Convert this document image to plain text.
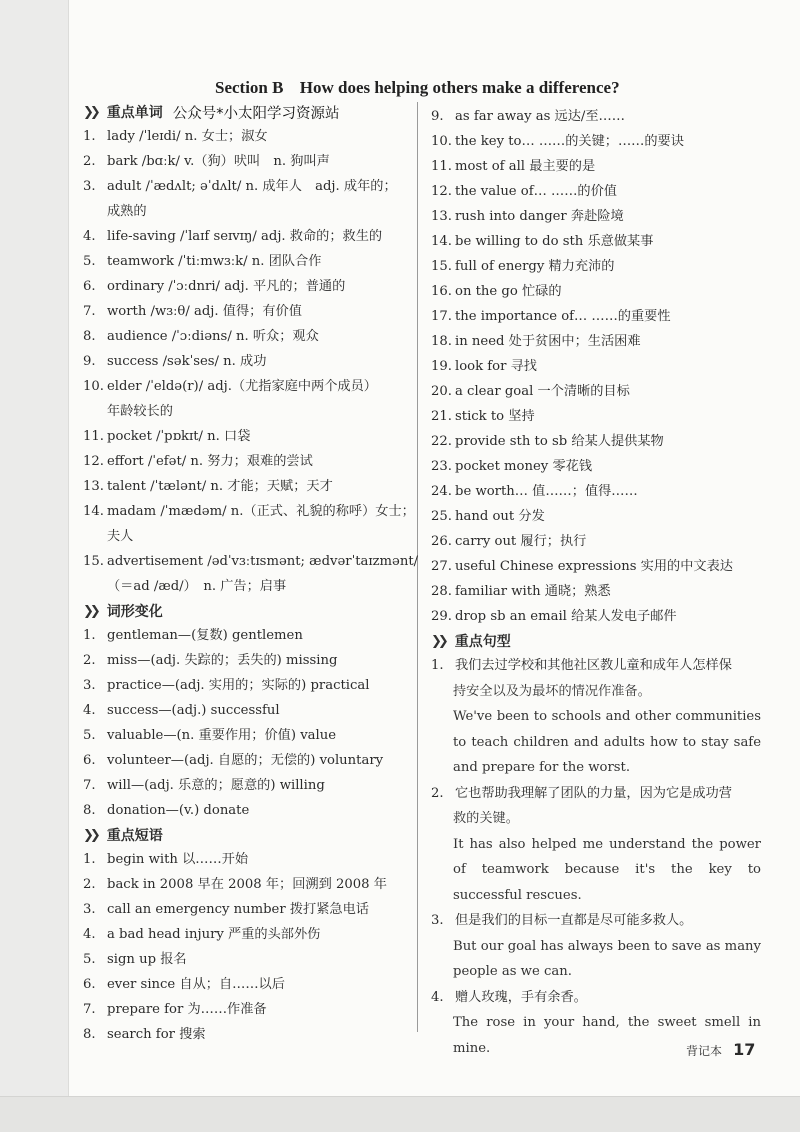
Section B How does helping others make a difference?
❯❯ 重点单词 公众号*小太阳学习资源站
1. lady /ˈleɪdi/ n. 女士；淑女
2. bark /bɑːk/ v.（狗）吠叫　n. 狗叫声
3. adult /ˈædʌlt; əˈdʌlt/ n. 成年人　adj. 成年的；
成熟的
4. life-saving /ˈlaɪf seɪvɪŋ/ adj. 救命的；救生的
5. teamwork /ˈtiːmwɜːk/ n. 团队合作
6. ordinary /ˈɔːdnri/ adj. 平凡的；普通的
7. worth /wɜːθ/ adj. 值得；有价值
8. audience /ˈɔːdiəns/ n. 听众；观众
9. success /səkˈses/ n. 成功
10. elder /ˈeldə(r)/ adj.（尤指家庭中两个成员）
年龄较长的
11. pocket /ˈpɒkɪt/ n. 口袋
12. effort /ˈefət/ n. 努力；艰难的尝试
13. talent /ˈtælənt/ n. 才能；天赋；天才
14. madam /ˈmædəm/ n.（正式、礼貌的称呼）女士；
夫人
15. advertisement /ədˈvɜːtɪsmənt; ædvərˈtaɪzmənt/
（＝ad /æd/）　n. 广告；启事
❯❯ 词形变化
1. gentleman—(复数) gentlemen
2. miss—(adj. 失踪的；丢失的) missing
3. practice—(adj. 实用的；实际的) practical
4. success—(adj.) successful
5. valuable—(n. 重要作用；价值) value
6. volunteer—(adj. 自愿的；无偿的) voluntary
7. will—(adj. 乐意的；愿意的) willing
8. donation—(v.) donate
❯❯ 重点短语
1. begin with 以……开始
2. back in 2008 早在 2008 年；回溯到 2008 年
3. call an emergency number 拨打紧急电话
4. a bad head injury 严重的头部外伤
5. sign up 报名
6. ever since 自从；自……以后
7. prepare for 为……作准备
8. search for 搜索
9. as far away as 远达/至……
10. the key to… ……的关键；……的要诀
11. most of all 最主要的是
12. the value of… ……的价值
13. rush into danger 奔赴险境
14. be willing to do sth 乐意做某事
15. full of energy 精力充沛的
16. on the go 忙碌的
17. the importance of… ……的重要性
18. in need 处于贫困中；生活困难
19. look for 寻找
20. a clear goal 一个清晰的目标
21. stick to 坚持
22. provide sth to sb 给某人提供某物
23. pocket money 零花钱
24. be worth… 值……；值得……
25. hand out 分发
26. carry out 履行；执行
27. useful Chinese expressions 实用的中文表达
28. familiar with 通晓；熟悉
29. drop sb an email 给某人发电子邮件
❯❯ 重点句型
1. 我们去过学校和其他社区教儿童和成年人怎样保
持安全以及为最坏的情况作准备。
We've been to schools and other communities to teach children and adults how to stay safe and prepare for the worst.
2. 它也帮助我理解了团队的力量，因为它是成功营
救的关键。
It has also helped me understand the power of teamwork because it's the key to successful rescues.
3. 但是我们的目标一直都是尽可能多救人。
But our goal has always been to save as many people as we can.
4. 赠人玫瑰，手有余香。
The rose in your hand, the sweet smell in mine.	背记本 17
